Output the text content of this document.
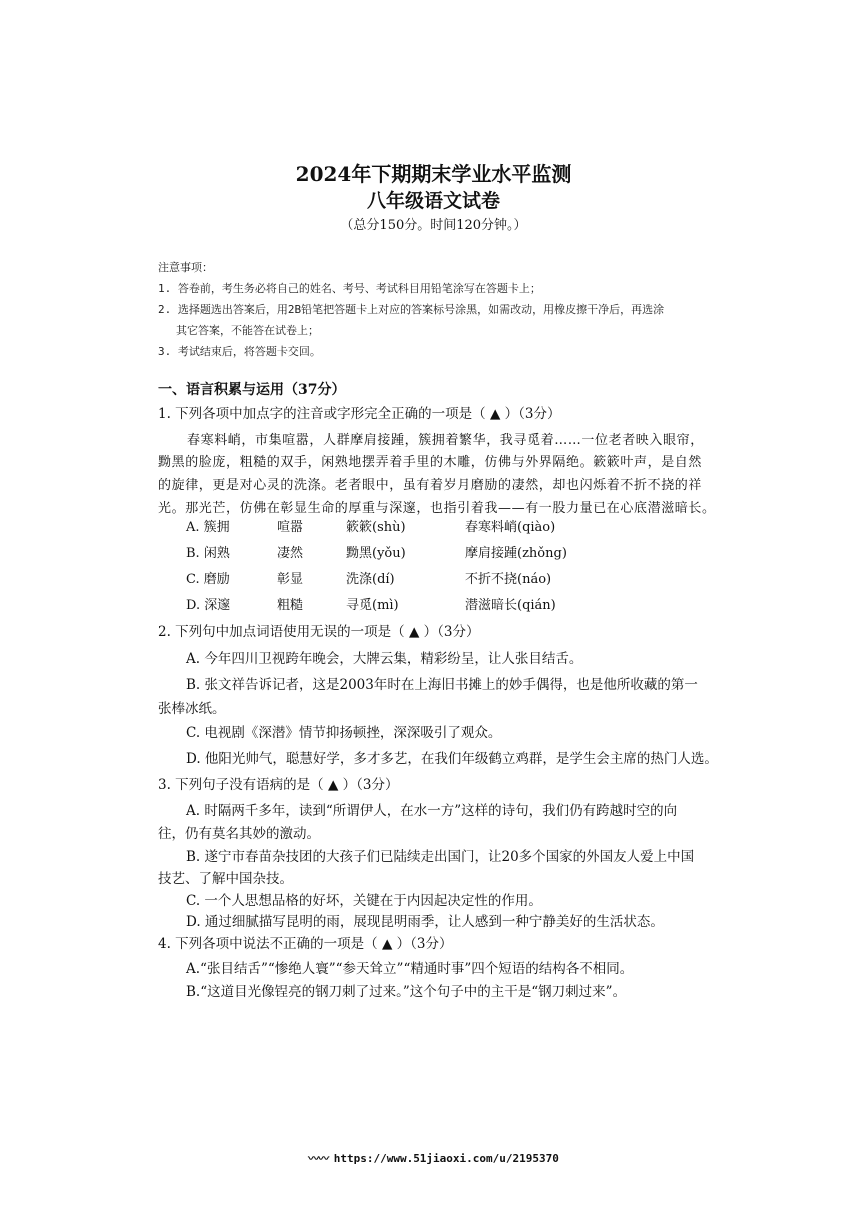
2024年下期期末学业水平监测
八年级语文试卷
（总分150分。时间120分钟。）
注意事项：
1. 答卷前，考生务必将自己的姓名、考号、考试科目用铅笔涂写在答题卡上；
2. 选择题选出答案后，用2B铅笔把答题卡上对应的答案标号涂黑，如需改动，用橡皮擦干净后，再选涂
其它答案，不能答在试卷上；
3. 考试结束后，将答题卡交回。
一、语言积累与运用（37分）
1. 下列各项中加点字的注音或字形完全正确的一项是（ ▲ ）（3分）
春寒料峭，市集喧嚣，人群摩肩接踵，簇拥着繁华，我寻觅着……一位老者映入眼帘，
黝黑的脸庞，粗糙的双手，闲熟地摆弄着手里的木雕，仿佛与外界隔绝。簌簌叶声，是自然
的旋律，更是对心灵的洗涤。老者眼中，虽有着岁月磨励的凄然，却也闪烁着不折不挠的祥
光。那光芒，仿佛在彰显生命的厚重与深邃，也指引着我——有一股力量已在心底潜滋暗长。
A. 簇拥	喧嚣	簌簌(shù)	春寒料峭(qiào)
B. 闲熟	凄然	黝黑(yǒu)	摩肩接踵(zhǒng)
C. 磨励	彰显	洗涤(dí)	不折不挠(náo)
D. 深邃	粗糙	寻觅(mì)	潜滋暗长(qián)
2. 下列句中加点词语使用无误的一项是（ ▲ ）（3分）
A. 今年四川卫视跨年晚会，大牌云集，精彩纷呈，让人张目结舌。
B. 张文祥告诉记者，这是2003年时在上海旧书摊上的妙手偶得，也是他所收藏的第一
张棒冰纸。
C. 电视剧《深潜》情节抑扬顿挫，深深吸引了观众。
D. 他阳光帅气，聪慧好学，多才多艺，在我们年级鹤立鸡群，是学生会主席的热门人选。
3. 下列句子没有语病的是（ ▲ ）（3分）
A. 时隔两千多年，读到“所谓伊人，在水一方”这样的诗句，我们仍有跨越时空的向
往，仍有莫名其妙的激动。
B. 遂宁市春苗杂技团的大孩子们已陆续走出国门，让20多个国家的外国友人爱上中国
技艺、了解中国杂技。
C. 一个人思想品格的好坏，关键在于内因起决定性的作用。
D. 通过细腻描写昆明的雨，展现昆明雨季，让人感到一种宁静美好的生活状态。
4. 下列各项中说法不正确的一项是（ ▲ ）（3分）
A.“张目结舌”“惨绝人寰”“参天耸立”“精通时事”四个短语的结构各不相同。
B.“这道目光像锃亮的钢刀刺了过来。”这个句子中的主干是“钢刀刺过来”。
〰〰 https://www.51jiaoxi.com/u/2195370
